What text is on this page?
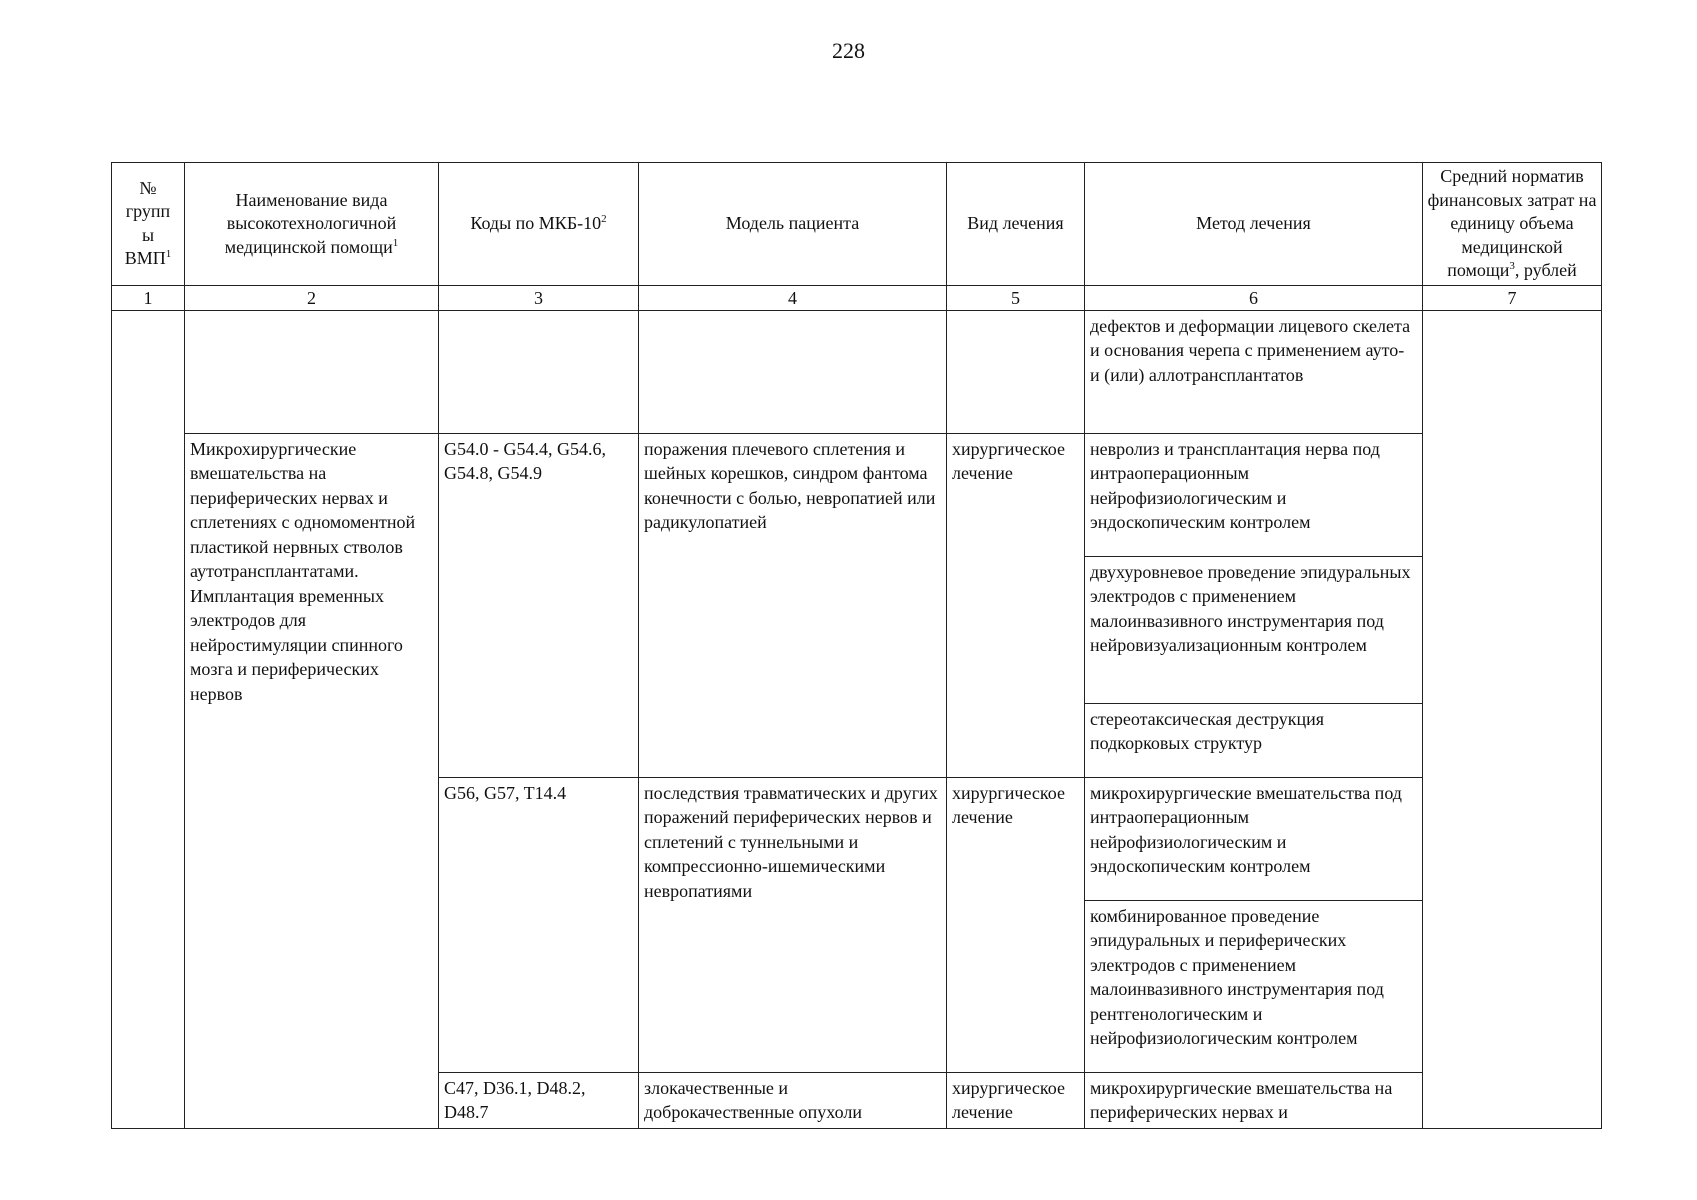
228
№
групп
ы
ВМП$^1$	Наименование вида высокотехнологичной медицинской помощи$^1$	Коды по МКБ-$10^2$	Модель пациента	Вид лечения	Метод лечения	Средний норматив финансовых затрат на единицу объема медицинской помощи$^3$, рублей
1	2	3	4	5	6	7
					дефектов и деформации лицевого скелета и основания черепа с применением ауто- и (или) аллотрансплантатов	
	Микрохирургические вмешательства на периферических нервах и сплетениях с одномоментной пластикой нервных стволов аутотрансплантатами. Имплантация временных электродов для нейростимуляции спинного мозга и периферических нервов	G54.0 - G54.4, G54.6, G54.8, G54.9	поражения плечевого сплетения и шейных корешков, синдром фантома конечности с болью, невропатией или радикулопатией	хирургическое лечение	невролиз и трансплантация нерва под интраоперационным нейрофизиологическим и эндоскопическим контролем	
					двухуровневое проведение эпидуральных электродов с применением малоинвазивного инструментария под нейровизуализационным контролем	
					стереотаксическая деструкция подкорковых структур	
		G56, G57, T14.4	последствия травматических и других поражений периферических нервов и сплетений с туннельными и компрессионно-ишемическими невропатиями	хирургическое лечение	микрохирургические вмешательства под интраоперационным нейрофизиологическим и эндоскопическим контролем	
					комбинированное проведение эпидуральных и периферических электродов с применением малоинвазивного инструментария под рентгенологическим и нейрофизиологическим контролем	
		C47, D36.1, D48.2, D48.7	злокачественные и доброкачественные опухоли	хирургическое лечение	микрохирургические вмешательства на периферических нервах и	
